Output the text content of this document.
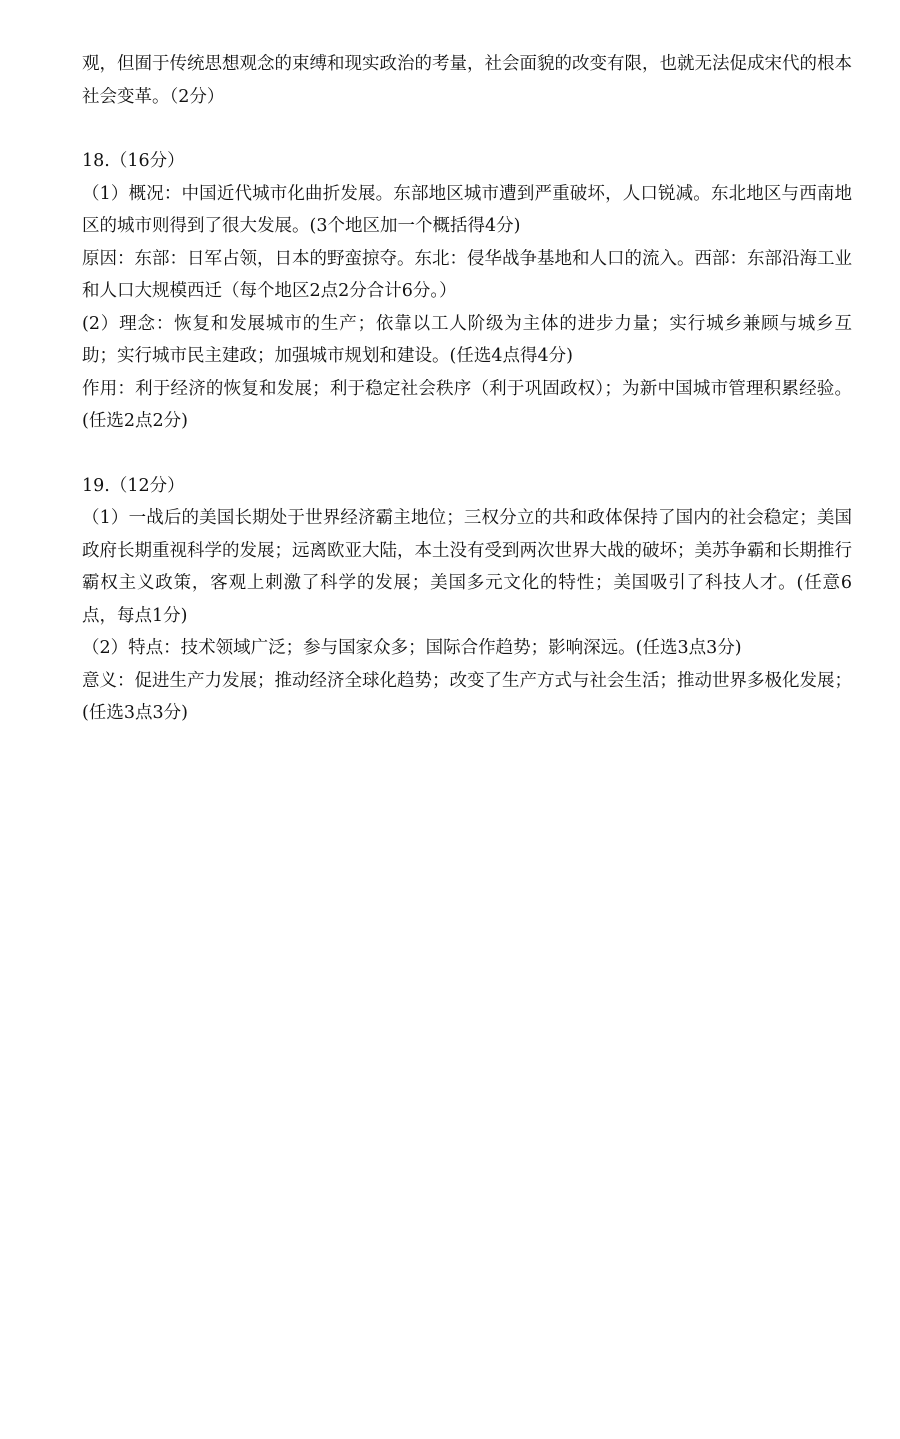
观，但囿于传统思想观念的束缚和现实政治的考量，社会面貌的改变有限，也就无法促成宋代的根本社会变革。（2分）

18.（16分）

（1）概况：中国近代城市化曲折发展。东部地区城市遭到严重破坏，人口锐减。东北地区与西南地区的城市则得到了很大发展。(3个地区加一个概括得4分)

原因：东部：日军占领，日本的野蛮掠夺。东北：侵华战争基地和人口的流入。西部：东部沿海工业和人口大规模西迁（每个地区2点2分合计6分。）

(2）理念：恢复和发展城市的生产；依靠以工人阶级为主体的进步力量；实行城乡兼顾与城乡互助；实行城市民主建政；加强城市规划和建设。(任选4点得4分)

作用：利于经济的恢复和发展；利于稳定社会秩序（利于巩固政权）；为新中国城市管理积累经验。(任选2点2分)

19.（12分）

（1）一战后的美国长期处于世界经济霸主地位；三权分立的共和政体保持了国内的社会稳定；美国政府长期重视科学的发展；远离欧亚大陆，本土没有受到两次世界大战的破坏；美苏争霸和长期推行霸权主义政策，客观上刺激了科学的发展；美国多元文化的特性；美国吸引了科技人才。(任意6点，每点1分)

（2）特点：技术领域广泛；参与国家众多；国际合作趋势；影响深远。(任选3点3分)

意义：促进生产力发展；推动经济全球化趋势；改变了生产方式与社会生活；推动世界多极化发展；(任选3点3分)
